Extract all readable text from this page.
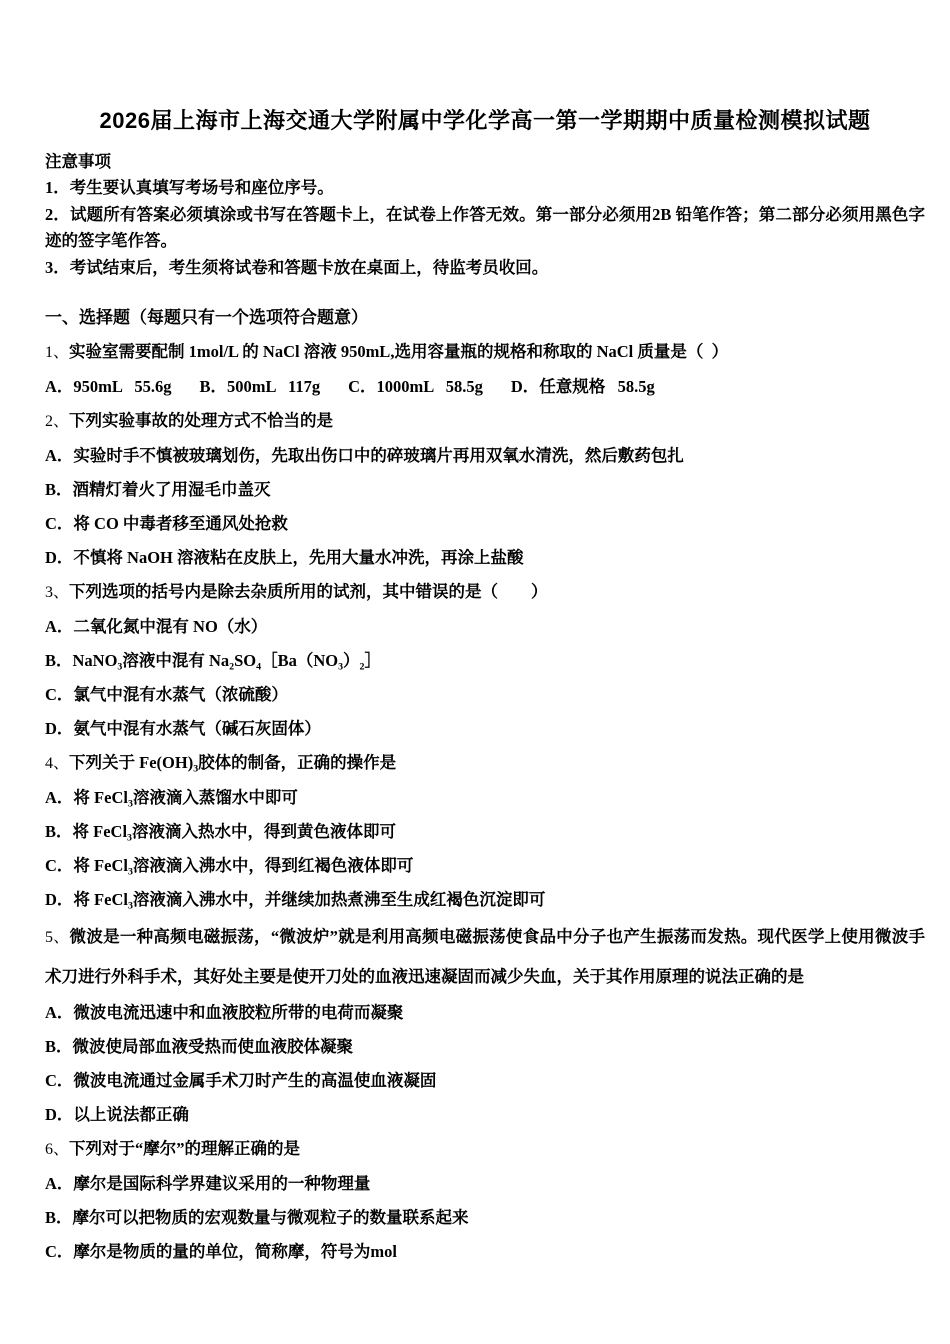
2026届上海市上海交通大学附属中学化学高一第一学期期中质量检测模拟试题
注意事项
1．考生要认真填写考场号和座位序号。
2．试题所有答案必须填涂或书写在答题卡上，在试卷上作答无效。第一部分必须用2B 铅笔作答；第二部分必须用黑色字迹的签字笔作答。
3．考试结束后，考生须将试卷和答题卡放在桌面上，待监考员收回。
一、选择题（每题只有一个选项符合题意）
1、实验室需要配制 1mol/L 的 NaCl 溶液 950mL,选用容量瓶的规格和称取的 NaCl 质量是（  ）
A．950mL   55.6g B．500mL   117g C．1000mL   58.5g D．任意规格   58.5g
2、下列实验事故的处理方式不恰当的是
A．实验时手不慎被玻璃划伤，先取出伤口中的碎玻璃片再用双氧水清洗，然后敷药包扎
B．酒精灯着火了用湿毛巾盖灭
C．将 CO 中毒者移至通风处抢救
D．不慎将 NaOH 溶液粘在皮肤上，先用大量水冲洗，再涂上盐酸
3、下列选项的括号内是除去杂质所用的试剂，其中错误的是（　　）
A．二氧化氮中混有 NO（水）
B．NaNO₃溶液中混有 Na₂SO₄［Ba（NO₃）₂］
C．氯气中混有水蒸气（浓硫酸）
D．氨气中混有水蒸气（碱石灰固体）
4、下列关于 Fe(OH)₃胶体的制备，正确的操作是
A．将 FeCl₃溶液滴入蒸馏水中即可
B．将 FeCl₃溶液滴入热水中，得到黄色液体即可
C．将 FeCl₃溶液滴入沸水中，得到红褐色液体即可
D．将 FeCl₃溶液滴入沸水中，并继续加热煮沸至生成红褐色沉淀即可
5、微波是一种高频电磁振荡，“微波炉”就是利用高频电磁振荡使食品中分子也产生振荡而发热。现代医学上使用微波手术刀进行外科手术，其好处主要是使开刀处的血液迅速凝固而减少失血，关于其作用原理的说法正确的是
A．微波电流迅速中和血液胶粒所带的电荷而凝聚
B．微波使局部血液受热而使血液胶体凝聚
C．微波电流通过金属手术刀时产生的高温使血液凝固
D．以上说法都正确
6、下列对于“摩尔”的理解正确的是
A．摩尔是国际科学界建议采用的一种物理量
B．摩尔可以把物质的宏观数量与微观粒子的数量联系起来
C．摩尔是物质的量的单位，简称摩，符号为mol
